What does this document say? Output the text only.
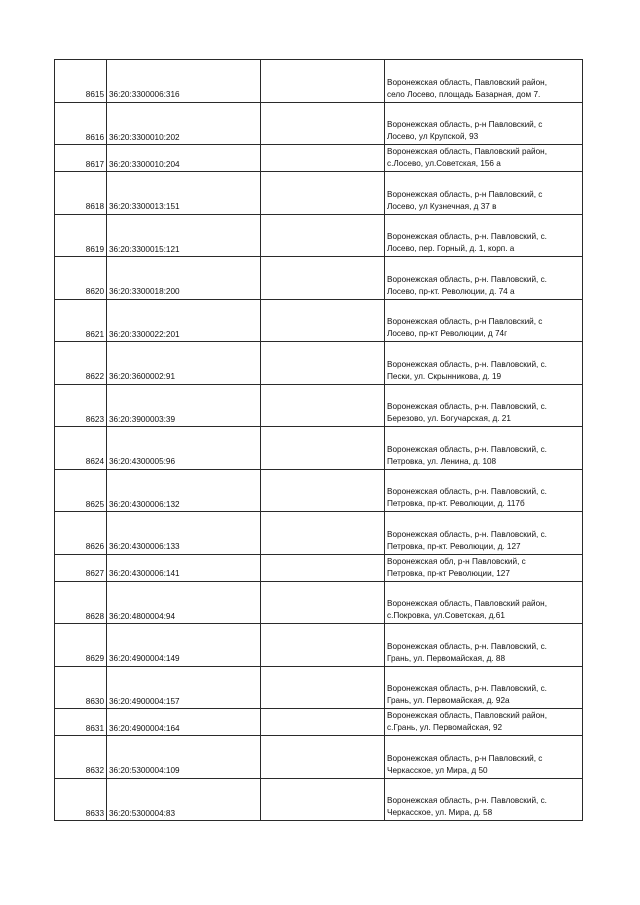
8615	36:20:3300006:316		Воронежская область, Павловский район,
село Лосево, площадь Базарная, дом 7.

8616	36:20:3300010:202		Воронежская область, р-н Павловский, с
Лосево, ул Крупской, 93

8617	36:20:3300010:204		Воронежская область, Павловский район,
с.Лосево, ул.Советская, 156 а

8618	36:20:3300013:151		Воронежская область, р-н Павловский, с
Лосево, ул Кузнечная, д 37 в

8619	36:20:3300015:121		Воронежская область, р-н. Павловский, с.
Лосево, пер. Горный, д. 1, корп. а

8620	36:20:3300018:200		Воронежская область, р-н. Павловский, с.
Лосево, пр-кт. Революции, д. 74 а

8621	36:20:3300022:201		Воронежская область, р-н Павловский, с
Лосево, пр-кт Революции, д 74г

8622	36:20:3600002:91		Воронежская область, р-н. Павловский, с.
Пески, ул. Скрынникова, д. 19

8623	36:20:3900003:39		Воронежская область, р-н. Павловский, с.
Березово, ул. Богучарская, д. 21

8624	36:20:4300005:96		Воронежская область, р-н. Павловский, с.
Петровка, ул. Ленина, д. 108

8625	36:20:4300006:132		Воронежская область, р-н. Павловский, с.
Петровка, пр-кт. Революции, д. 117б

8626	36:20:4300006:133		Воронежская область, р-н. Павловский, с.
Петровка, пр-кт. Революции, д. 127

8627	36:20:4300006:141		Воронежская обл, р-н Павловский, с
Петровка, пр-кт Революции, 127

8628	36:20:4800004:94		Воронежская область, Павловский район,
с.Покровка, ул.Советская, д.61

8629	36:20:4900004:149		Воронежская область, р-н. Павловский, с.
Грань, ул. Первомайская, д. 88

8630	36:20:4900004:157		Воронежская область, р-н. Павловский, с.
Грань, ул. Первомайская, д. 92а

8631	36:20:4900004:164		Воронежская область, Павловский район,
с.Грань, ул. Первомайская, 92

8632	36:20:5300004:109		Воронежская область, р-н Павловский, с
Черкасское, ул Мира, д 50

8633	36:20:5300004:83		Воронежская область, р-н. Павловский, с.
Черкасское, ул. Мира, д. 58
